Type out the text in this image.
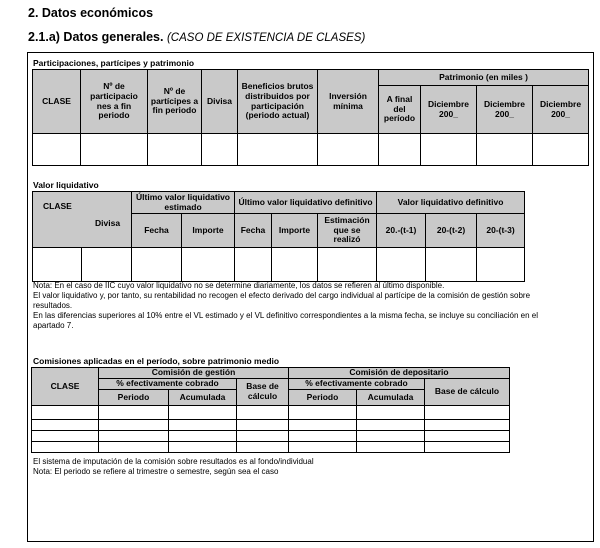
2. Datos económicos
2.1.a) Datos generales. (CASO DE EXISTENCIA DE CLASES)
Participaciones, partícipes y patrimonio
CLASE	Nº de participacio nes a fin periodo	Nº de partícipes a fin periodo	Divisa	Beneficios brutos distribuidos por participación (periodo actual)	Inversión mínima	Patrimonio (en miles )			
						A final del período	Diciembre 200_	Diciembre 200_	Diciembre 200_

Valor liquidativo
CLASE
Divisa		Último valor liquidativo estimado		Último valor liquidativo definitivo			Valor liquidativo definitivo		
		Fecha	Importe	Fecha	Importe	Estimación que se realizó	20.-(t-1)	20-(t-2)	20-(t-3)

Nota: En el caso de IIC cuyo valor liquidativo no se determine diariamente, los datos se refieren al último disponible.

El valor liquidativo y, por tanto, su rentabilidad no recogen el efecto derivado del cargo individual al partícipe de la comisión de gestión sobre resultados.

En las diferencias superiores al 10% entre el VL estimado y el VL definitivo correspondientes a la misma fecha, se incluye su conciliación en el apartado 7.

Comisiones aplicadas en el período, sobre patrimonio medio
CLASE	Comisión de gestión			Comisión de depositario		
	% efectivamente cobrado		Base de cálculo	% efectivamente cobrado		Base de cálculo
	Periodo	Acumulada		Periodo	Acumulada	

El sistema de imputación de la comisión sobre resultados es al fondo/individual

Nota: El periodo se refiere al trimestre o semestre, según sea el caso
